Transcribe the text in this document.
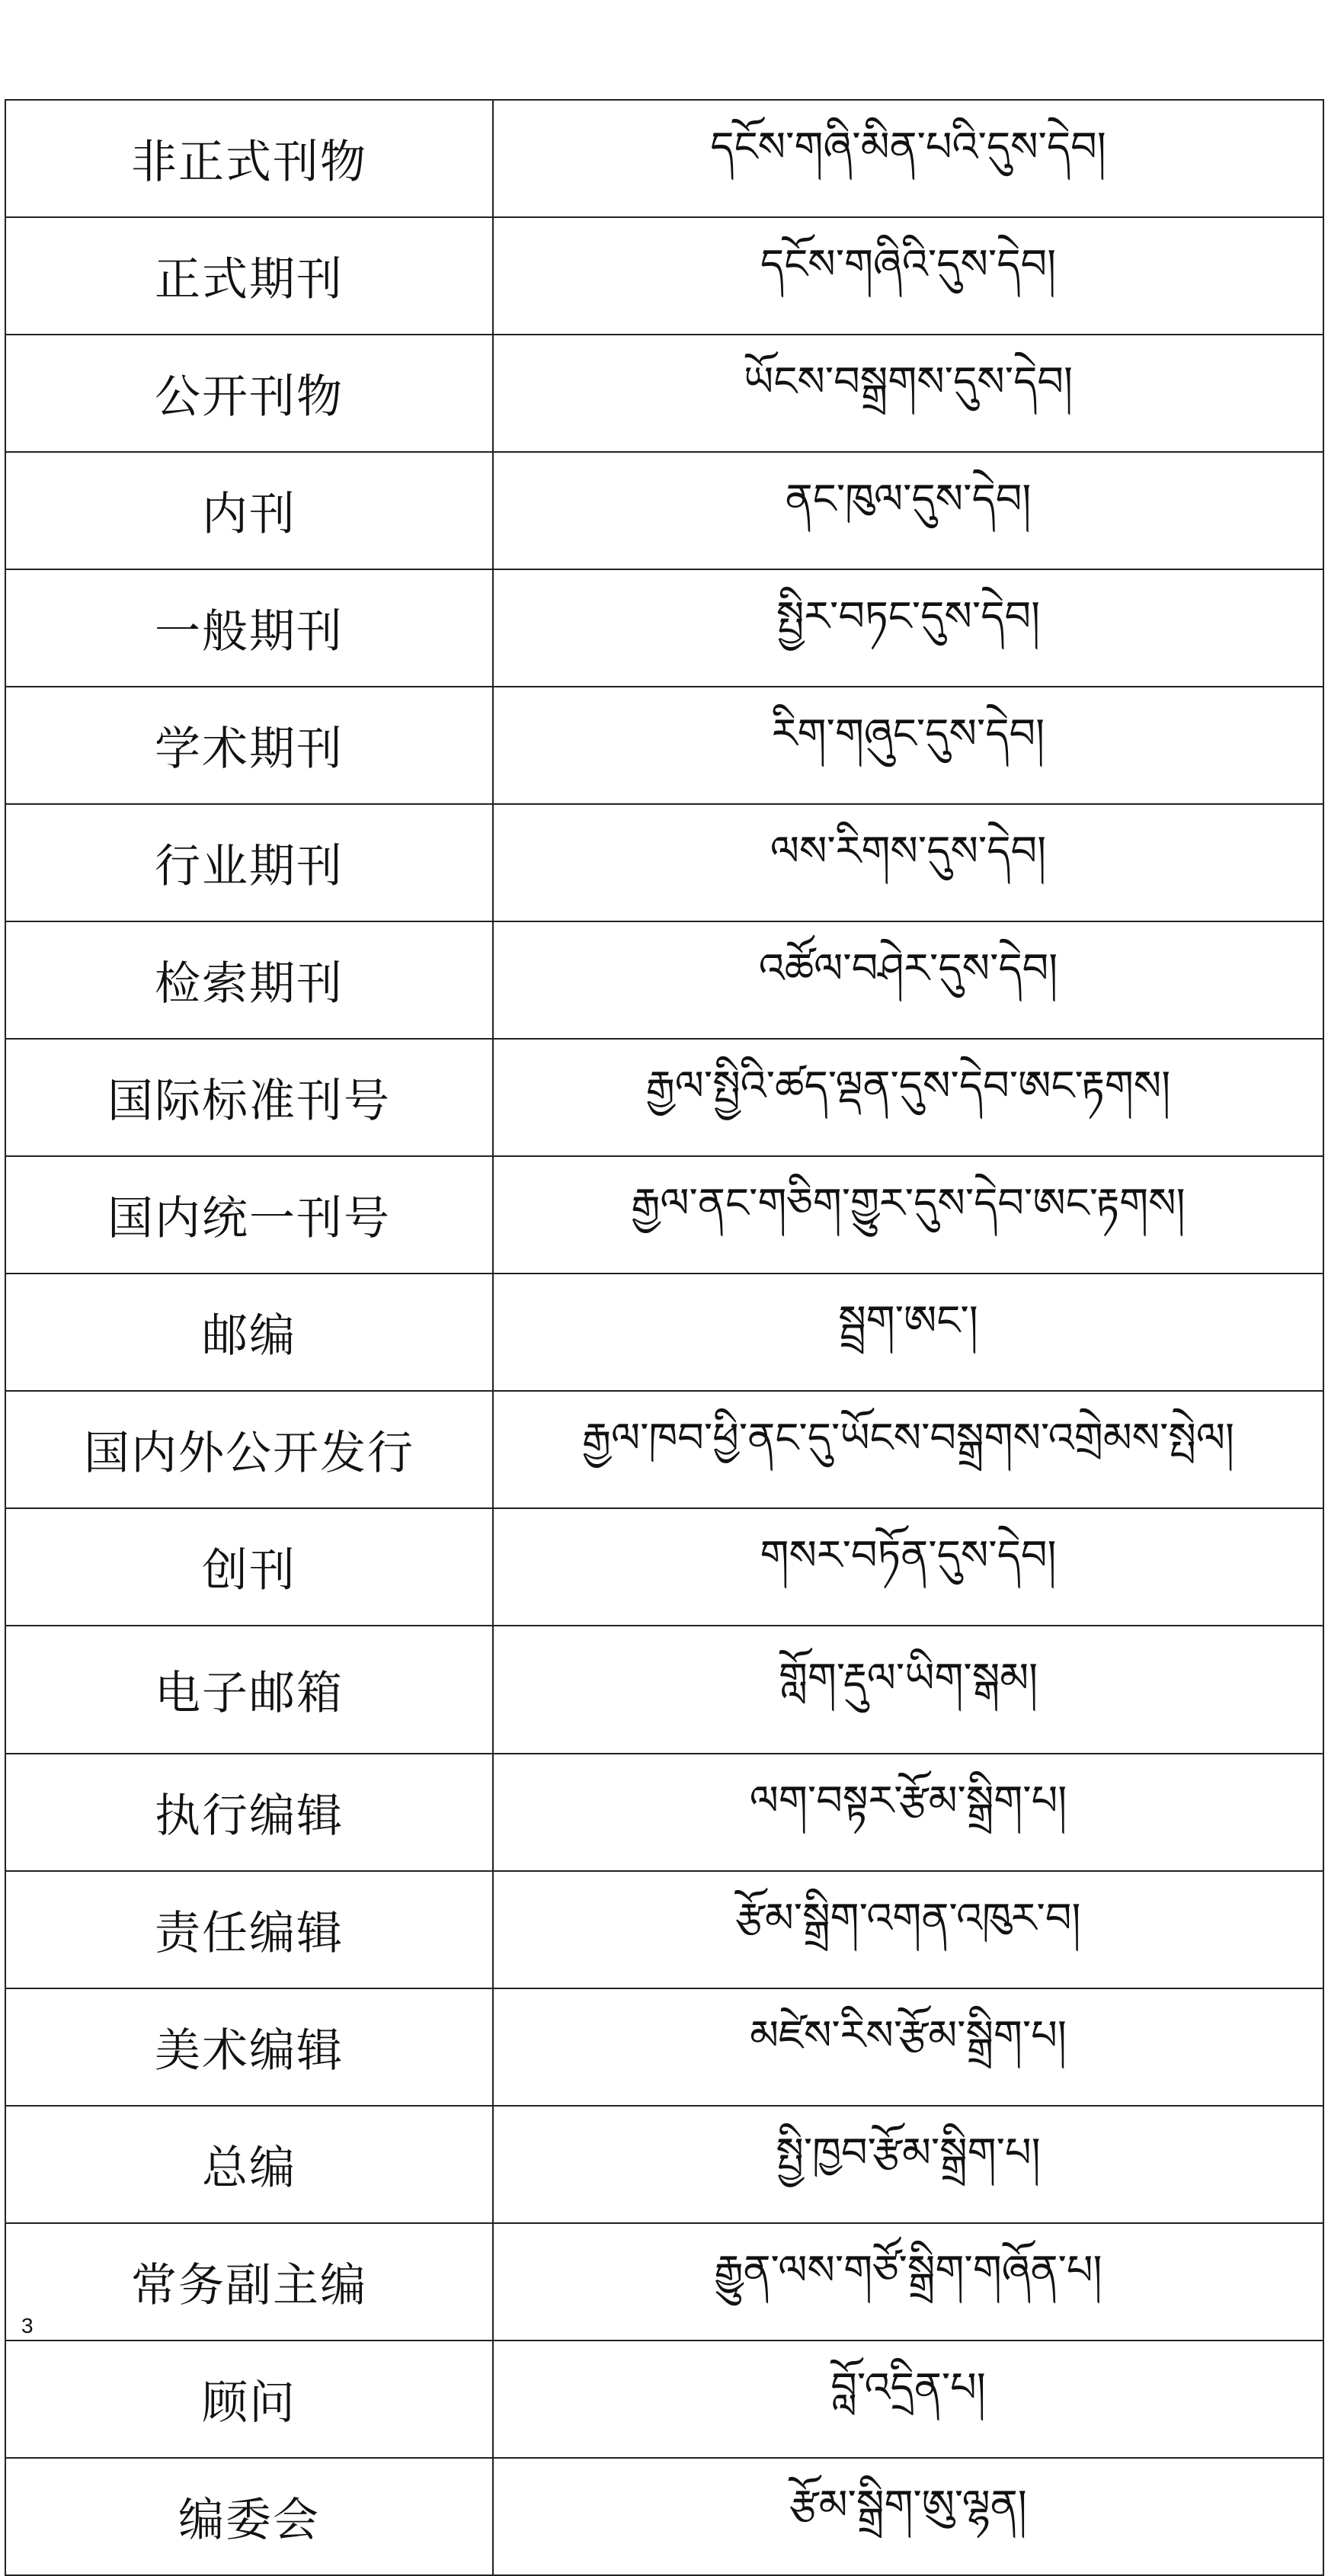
非正式刊物	དངོས་གཞི་མིན་པའི་དུས་དེབ།
正式期刊	དངོས་གཞིའི་དུས་དེབ།
公开刊物	ཡོངས་བསྒྲགས་དུས་དེབ།
内刊	ནང་ཁུལ་དུས་དེབ།
一般期刊	སྤྱིར་བཏང་དུས་དེབ།
学术期刊	རིག་གཞུང་དུས་དེབ།
行业期刊	ལས་རིགས་དུས་དེབ།
检索期刊	འཚོལ་བཤེར་དུས་དེབ།
国际标准刊号	རྒྱལ་སྤྱིའི་ཚད་ལྡན་དུས་དེབ་ཨང་རྟགས།
国内统一刊号	རྒྱལ་ནང་གཅིག་གྱུར་དུས་དེབ་ཨང་རྟགས།
邮编	སྦྲག་ཨང་།
国内外公开发行	རྒྱལ་ཁབ་ཕྱི་ནང་དུ་ཡོངས་བསྒྲགས་འགྲེམས་སྤེལ།
创刊	གསར་བཏོན་དུས་དེབ།
电子邮箱	གློག་རྡུལ་ཡིག་སྒམ།
执行编辑	ལག་བསྟར་རྩོམ་སྒྲིག་པ།
责任编辑	རྩོམ་སྒྲིག་འགན་འཁུར་བ།
美术编辑	མཛེས་རིས་རྩོམ་སྒྲིག་པ།
总编	སྤྱི་ཁྱབ་རྩོམ་སྒྲིག་པ།
常务副主编	རྒྱུན་ལས་གཙོ་སྒྲིག་གཞོན་པ།
顾问	བློ་འདྲིན་པ།
编委会	རྩོམ་སྒྲིག་ཨུ་ལྷན།
3
